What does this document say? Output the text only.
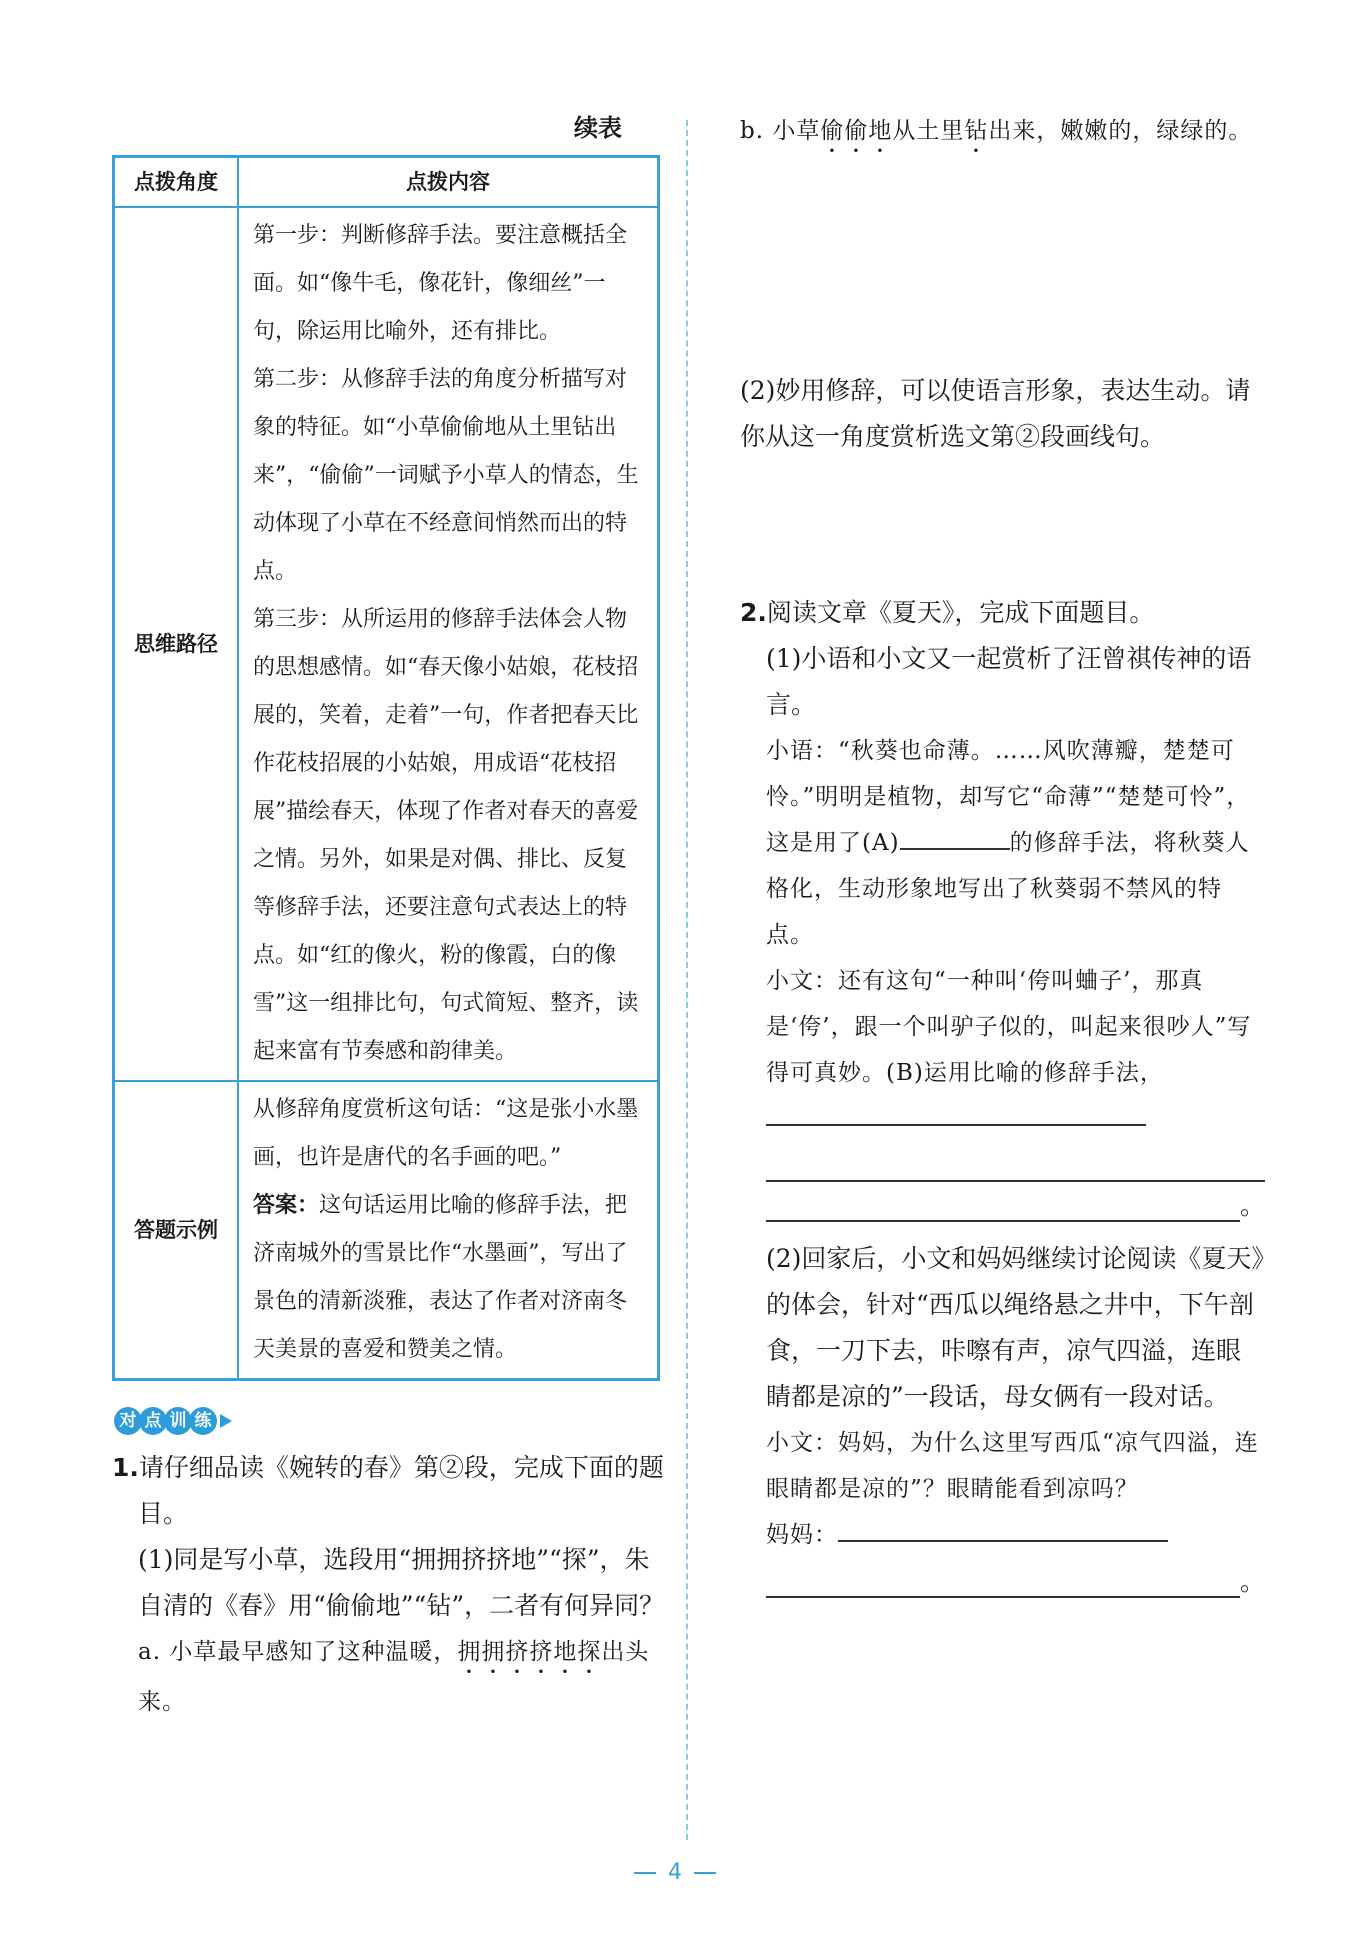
续表
点拨角度	点拨内容
思维路径	第一步：判断修辞手法。要注意概括全面。如“像牛毛，像花针，像细丝”一句，除运用比喻外，还有排比。

第二步：从修辞手法的角度分析描写对象的特征。如“小草偷偷地从土里钻出来”，“偷偷”一词赋予小草人的情态，生动体现了小草在不经意间悄然而出的特点。

第三步：从所运用的修辞手法体会人物的思想感情。如“春天像小姑娘，花枝招展的，笑着，走着”一句，作者把春天比作花枝招展的小姑娘，用成语“花枝招展”描绘春天，体现了作者对春天的喜爱之情。另外，如果是对偶、排比、反复等修辞手法，还要注意句式表达上的特点。如“红的像火，粉的像霞，白的像雪”这一组排比句，句式简短、整齐，读起来富有节奏感和韵律美。

答题示例	从修辞角度赏析这句话：“这是张小水墨画，也许是唐代的名手画的吧。”

答案：这句话运用比喻的修辞手法，把济南城外的雪景比作“水墨画”，写出了景色的清新淡雅，表达了作者对济南冬天美景的喜爱和赞美之情。

对 点 训 练

1.请仔细品读《婉转的春》第②段，完成下面的题目。

(1)同是写小草，选段用“拥拥挤挤地”“探”，朱自清的《春》用“偷偷地”“钻”，二者有何异同？

a. 小草最早感知了这种温暖，拥拥挤挤地探出头来。

b. 小草偷偷地从土里钻出来，嫩嫩的，绿绿的。

(2)妙用修辞，可以使语言形象，表达生动。请你从这一角度赏析选文第②段画线句。

2.阅读文章《夏天》，完成下面题目。

(1)小语和小文又一起赏析了汪曾祺传神的语言。

小语：“秋葵也命薄。……风吹薄瓣，楚楚可怜。”明明是植物，却写它“命薄”“楚楚可怜”，这是用了(A)	的修辞手法，将秋葵人格化，生动形象地写出了秋葵弱不禁风的特点。

小文：还有这句“一种叫‘侉叫蛐子’，那真是‘侉’，跟一个叫驴子似的，叫起来很吵人”写得可真妙。(B)运用比喻的修辞手法，

。

(2)回家后，小文和妈妈继续讨论阅读《夏天》的体会，针对“西瓜以绳络悬之井中，下午剖食，一刀下去，咔嚓有声，凉气四溢，连眼睛都是凉的”一段话，母女俩有一段对话。

小文：妈妈，为什么这里写西瓜“凉气四溢，连眼睛都是凉的”？眼睛能看到凉吗？

妈妈：

。
4
